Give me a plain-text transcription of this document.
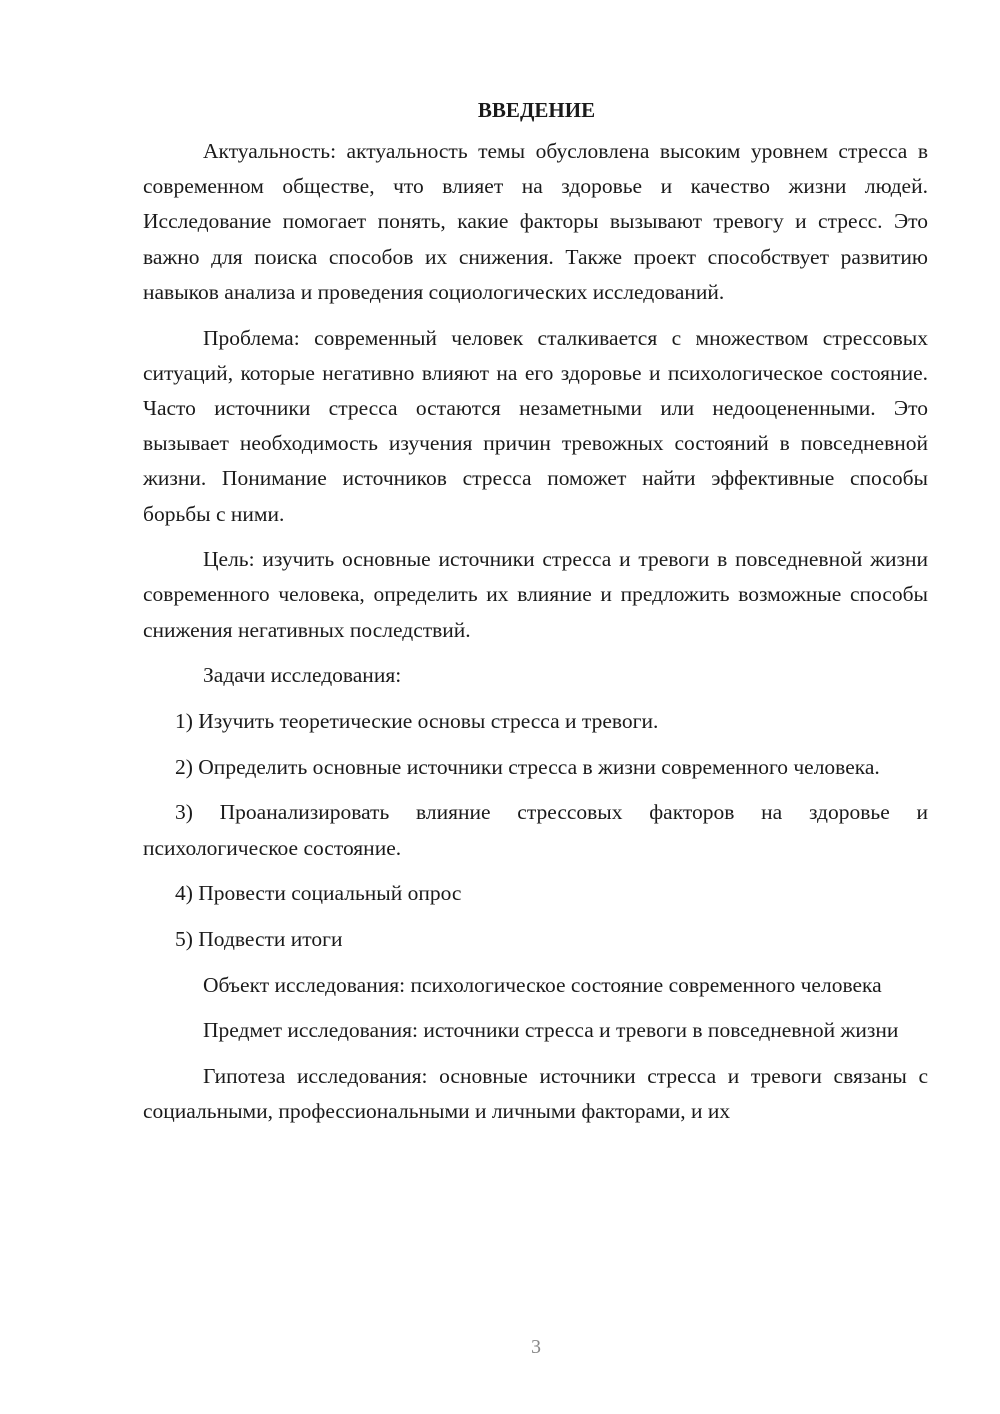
ВВЕДЕНИЕ

Актуальность: актуальность темы обусловлена высоким уровнем стресса в современном обществе, что влияет на здоровье и качество жизни людей. Исследование помогает понять, какие факторы вызывают тревогу и стресс. Это важно для поиска способов их снижения. Также проект способствует развитию навыков анализа и проведения социологических исследований.

Проблема: современный человек сталкивается с множеством стрессовых ситуаций, которые негативно влияют на его здоровье и психологическое состояние. Часто источники стресса остаются незаметными или недооцененными. Это вызывает необходимость изучения причин тревожных состояний в повседневной жизни. Понимание источников стресса поможет найти эффективные способы борьбы с ними.

Цель: изучить основные источники стресса и тревоги в повседневной жизни современного человека, определить их влияние и предложить возможные способы снижения негативных последствий.

Задачи исследования:

1) Изучить теоретические основы стресса и тревоги.

2) Определить основные источники стресса в жизни современного человека.

3) Проанализировать влияние стрессовых факторов на здоровье и психологическое состояние.

4) Провести социальный опрос

5) Подвести итоги

Объект исследования: психологическое состояние современного человека

Предмет исследования: источники стресса и тревоги в повседневной жизни

Гипотеза исследования: основные источники стресса и тревоги связаны с социальными, профессиональными и личными факторами, и их

3
